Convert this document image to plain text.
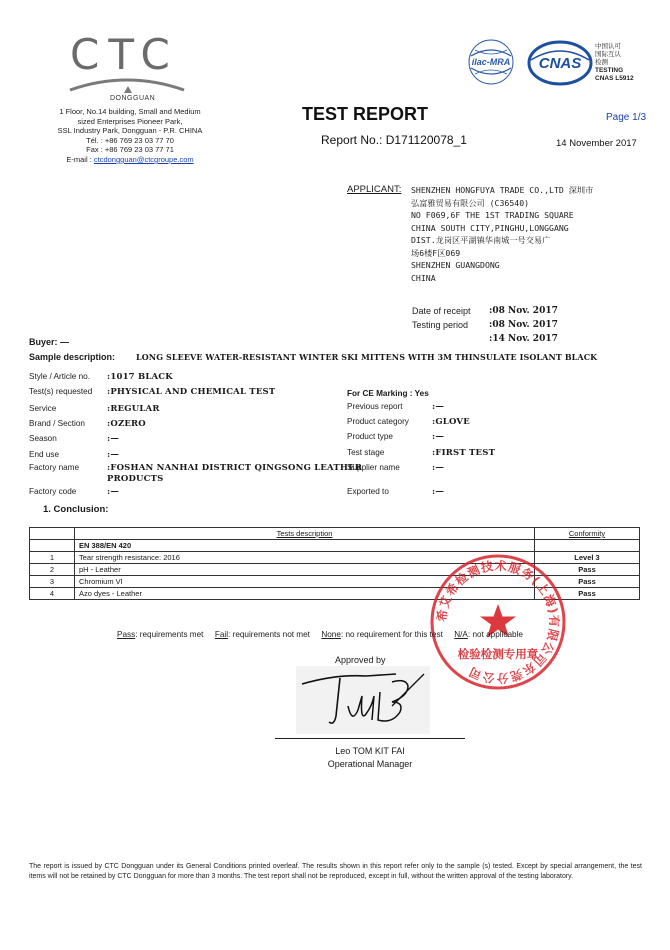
CTC
DONGGUAN
1 Floor, No.14 building, Small and Medium
sized Enterprises Pioneer Park,
SSL Industry Park, Dongguan - P.R. CHINA
Tél. : +86 769 23 03 77 70
Fax : +86 769 23 03 77 71
E-mail : ctcdongguan@ctcgroupe.com
TEST REPORT
Report No.: D171120078_1	14 November 2017
Page 1/3
ilac-MRA CNAS
中国认可
国际互认
检测
TESTING
CNAS L5912
APPLICANT: SHENZHEN HONGFUYA TRADE CO.,LTD 深圳市
弘富雅贸易有限公司 (C36540)
NO F069,6F THE 1ST TRADING SQUARE
CHINA SOUTH CITY,PINGHU,LONGGANG
DIST.龙岗区平湖镇华南城一号交易广
场6楼F区069
SHENZHEN GUANGDONG
CHINA
Date of receipt :08 Nov. 2017
Testing period :08 Nov. 2017
:14 Nov. 2017
Buyer: —
Sample description:	LONG SLEEVE WATER-RESISTANT WINTER SKI MITTENS WITH 3M THINSULATE ISOLANT BLACK
Style / Article no. :1017 BLACK
Test(s) requested :PHYSICAL AND CHEMICAL TEST
Service	:REGULAR
Brand / Section	:OZERO
Season	:—
End use	:—
Factory name	:FOSHAN NANHAI DISTRICT QINGSONG LEATHER
PRODUCTS
Factory code	:—
For CE Marking : Yes
Previous report	:—
Product category	:GLOVE
Product type	:—
Test stage	:FIRST TEST
Supplier name	:—
Exported to	:—
1. Conclusion:
	Tests description	Conformity
	EN 388/EN 420	
1	Tear strength resistance: 2016	Level 3
2	pH - Leather	Pass
3	Chromium VI	Pass
4	Azo dyes - Leather	Pass
希艾希检测技术服务(上海)有限公司东莞分公司
检验检测专用章
Pass: requirements met Fail: requirements not met None: no requirement for this test N/A: not applicable
Approved by
Leo TOM KIT FAI
Operational Manager
The report is issued by CTC Dongguan under its General Conditions printed overleaf. The results shown in this report refer only to the sample (s) tested. Except by special arrangement, the test items will not be retained by CTC Dongguan for more than 3 months. The test report shall not be reproduced, except in full, without the written approval of the testing laboratory.
